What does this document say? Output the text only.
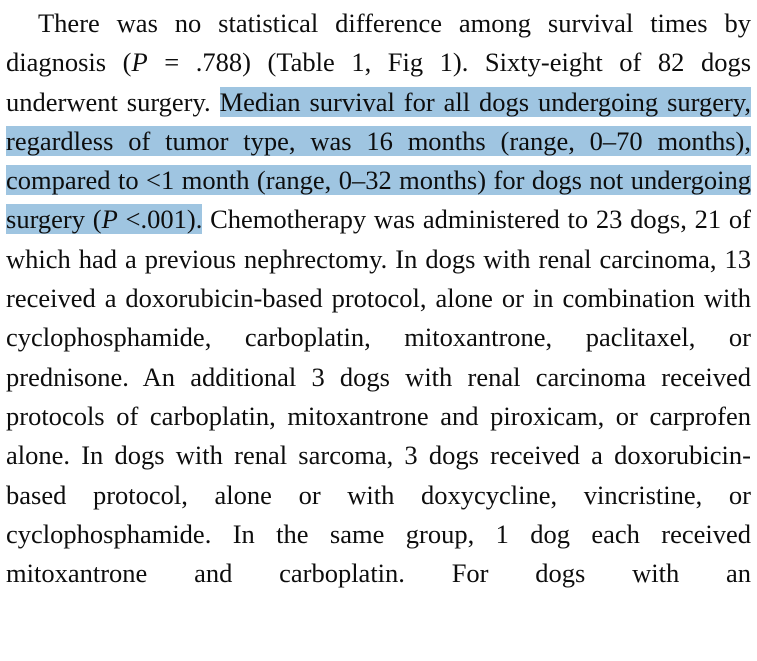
There was no statistical difference among survival times by diagnosis (P = .788) (Table 1, Fig 1). Sixty-eight of 82 dogs underwent surgery. Median survival for all dogs undergoing surgery, regardless of tumor type, was 16 months (range, 0–70 months), compared to <1 month (range, 0–32 months) for dogs not undergoing surgery (P <.001). Chemotherapy was administered to 23 dogs, 21 of which had a previous nephrectomy. In dogs with renal carcinoma, 13 received a doxorubicin-based protocol, alone or in combination with cyclophosphamide, carboplatin, mitoxantrone, paclitaxel, or prednisone. An additional 3 dogs with renal carcinoma received protocols of carboplatin, mitoxantrone and piroxicam, or carprofen alone. In dogs with renal sarcoma, 3 dogs received a doxorubicin-based protocol, alone or with doxycycline, vincristine, or cyclophosphamide. In the same group, 1 dog each received mitoxantrone and carboplatin. For dogs with an
